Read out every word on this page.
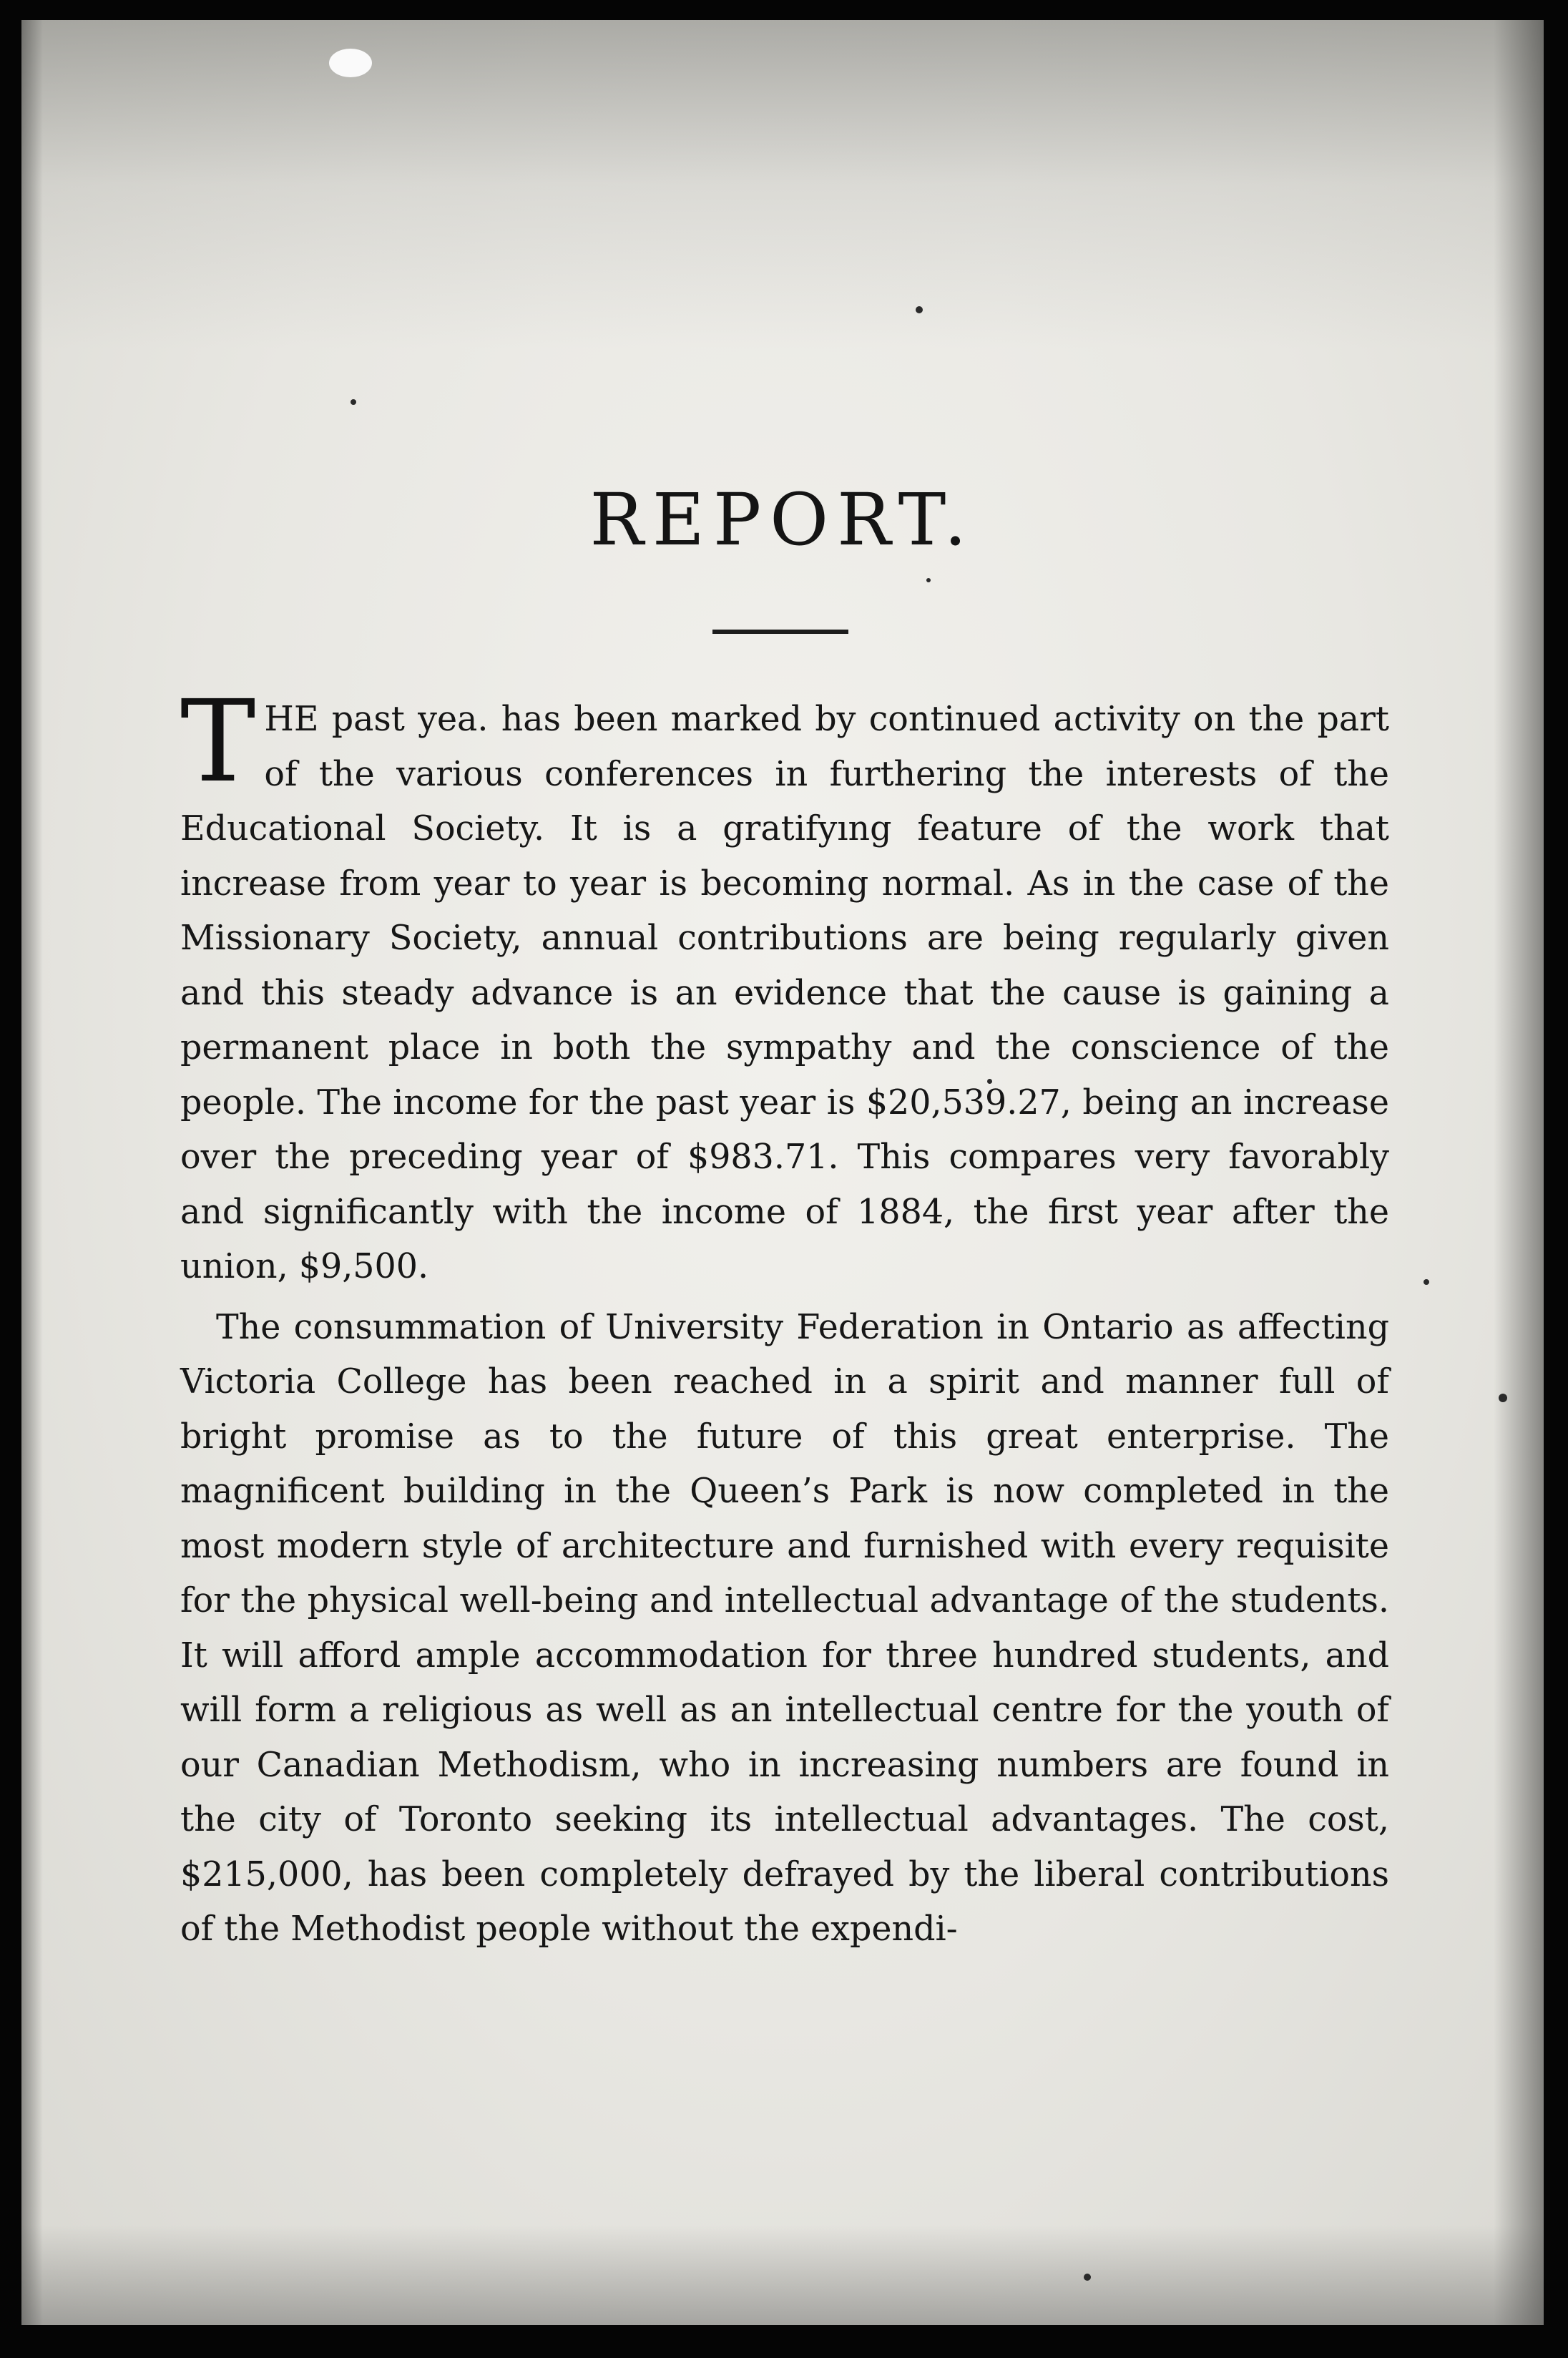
REPORT.

THE past yea. has been marked by continued activity on the part of the various conferences in furthering the interests of the Educational Society. It is a gratifyıng feature of the work that increase from year to year is becoming normal. As in the case of the Missionary Society, annual contributions are being regularly given and this steady advance is an evidence that the cause is gaining a permanent place in both the sympathy and the conscience of the people. The income for the past year is $20,539.27, being an increase over the preceding year of $983.71. This compares very favorably and significantly with the income of 1884, the first year after the union, $9,500.

The consummation of University Federation in Ontario as affecting Victoria College has been reached in a spirit and manner full of bright promise as to the future of this great enterprise. The magnificent building in the Queen’s Park is now completed in the most modern style of architecture and furnished with every requisite for the physical well-being and intellectual advantage of the students. It will afford ample accommodation for three hundred students, and will form a religious as well as an intellectual centre for the youth of our Canadian Methodism, who in increasing numbers are found in the city of Toronto seeking its intellectual advantages. The cost, $215,000, has been completely defrayed by the liberal contributions of the Methodist people without the expendi-
